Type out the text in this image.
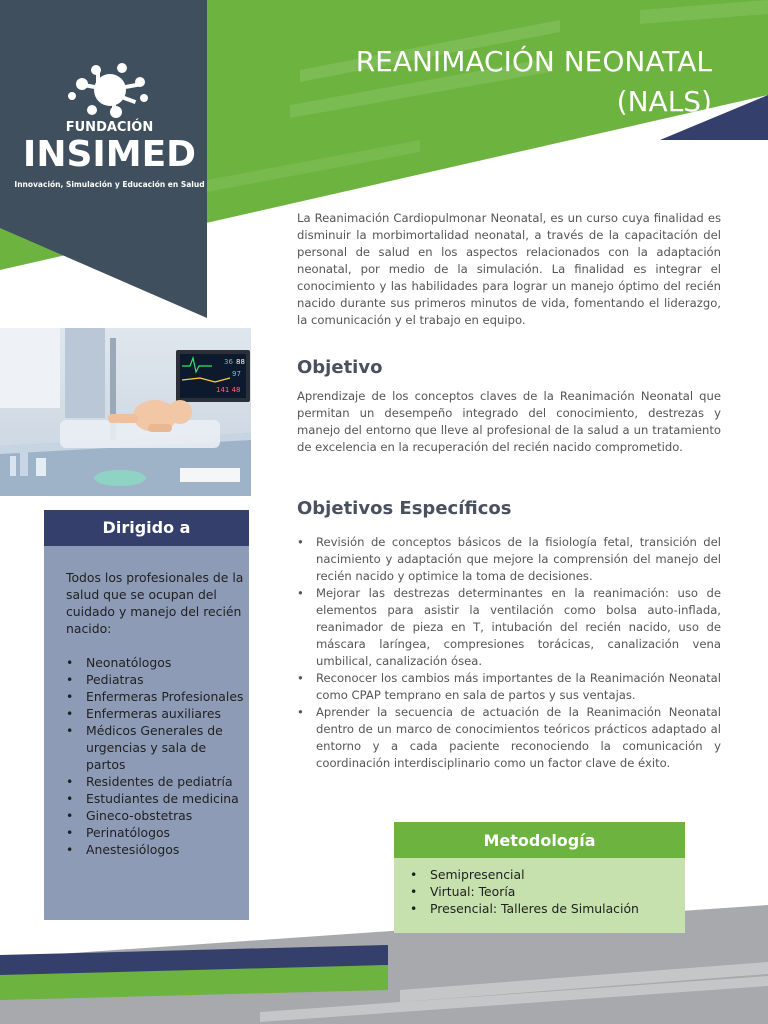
FUNDACIÓN
INSIMED
Innovación, Simulación y Educación en Salud
REANIMACIÓN NEONATAL
(NALS)
La Reanimación Cardiopulmonar Neonatal, es un curso cuya finalidad es disminuir la morbimortalidad neonatal, a través de la capacitación del personal de salud en los aspectos relacionados con la adaptación neonatal, por medio de la simulación. La finalidad es integrar el conocimiento y las habilidades para lograr un manejo óptimo del recién nacido durante sus primeros minutos de vida, fomentando el liderazgo, la comunicación y el trabajo en equipo.
Objetivo
Aprendizaje de los conceptos claves de la Reanimación Neonatal que permitan un desempeño integrado del conocimiento, destrezas y manejo del entorno que lleve al profesional de la salud a un tratamiento de excelencia en la recuperación del recién nacido comprometido.
Objetivos Específicos
• Revisión de conceptos básicos de la fisiología fetal, transición del nacimiento y adaptación que mejore la comprensión del manejo del recién nacido y optimice la toma de decisiones.
• Mejorar las destrezas determinantes en la reanimación: uso de elementos para asistir la ventilación como bolsa auto-inflada, reanimador de pieza en T, intubación del recién nacido, uso de máscara laríngea, compresiones torácicas, canalización vena umbilical, canalización ósea.
• Reconocer los cambios más importantes de la Reanimación Neonatal como CPAP temprano en sala de partos y sus ventajas.
• Aprender la secuencia de actuación de la Reanimación Neonatal dentro de un marco de conocimientos teóricos prácticos adaptado al entorno y a cada paciente reconociendo la comunicación y coordinación interdisciplinario como un factor clave de éxito.
36 88
97
141 48
Dirigido a
Todos los profesionales de la salud que se ocupan del cuidado y manejo del recién nacido:
• Neonatólogos
• Pediatras
• Enfermeras Profesionales
• Enfermeras auxiliares
• Médicos Generales de urgencias y sala de partos
• Residentes de pediatría
• Estudiantes de medicina
• Gineco-obstetras
• Perinatólogos
• Anestesiólogos	Metodología
• Semipresencial
• Virtual: Teoría
• Presencial: Talleres de Simulación
